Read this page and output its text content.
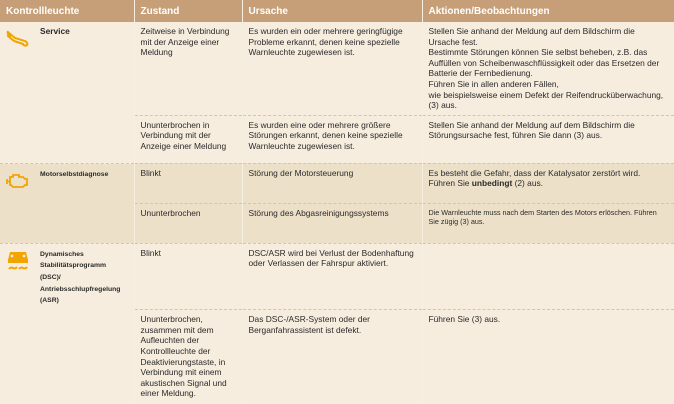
Kontrollleuchte	Zustand	Ursache	Aktionen/Beobachtungen

Service	Zeitweise in Verbindung mit der Anzeige einer Meldung	Es wurden ein oder mehrere geringfügige Probleme erkannt, denen keine spezielle Warnleuchte zugewiesen ist.	Stellen Sie anhand der Meldung auf dem Bildschirm die Ursache fest.
Bestimmte Störungen können Sie selbst beheben, z.B. das Auffüllen von Scheibenwaschflüssigkeit oder das Ersetzen der Batterie der Fernbedienung.
Führen Sie in allen anderen Fällen,
wie beispielsweise einem Defekt der Reifendrucküberwachung, (3) aus.
	Ununterbrochen in Verbindung mit der Anzeige einer Meldung	Es wurden eine oder mehrere größere Störungen erkannt, denen keine spezielle Warnleuchte zugewiesen ist.	Stellen Sie anhand der Meldung auf dem Bildschirm die Störungsursache fest, führen Sie dann (3) aus.

Motorselbstdiagnose	Blinkt	Störung der Motorsteuerung	Es besteht die Gefahr, dass der Katalysator zerstört wird. Führen Sie unbedingt (2) aus.
	Ununterbrochen	Störung des Abgasreinigungssystems	Die Warnleuchte muss nach dem Starten des Motors erlöschen. Führen Sie zügig (3) aus.

Dynamisches Stabilitätsprogramm (DSC)/ Antriebsschlupfregelung (ASR)	Blinkt	DSC/ASR wird bei Verlust der Bodenhaftung oder Verlassen der Fahrspur aktiviert.	
	Ununterbrochen, zusammen mit dem Aufleuchten der Kontrollleuchte der Deaktivierungstaste, in Verbindung mit einem akustischen Signal und einer Meldung.	Das DSC-/ASR-System oder der Berganfahrassistent ist defekt.	Führen Sie (3) aus.
